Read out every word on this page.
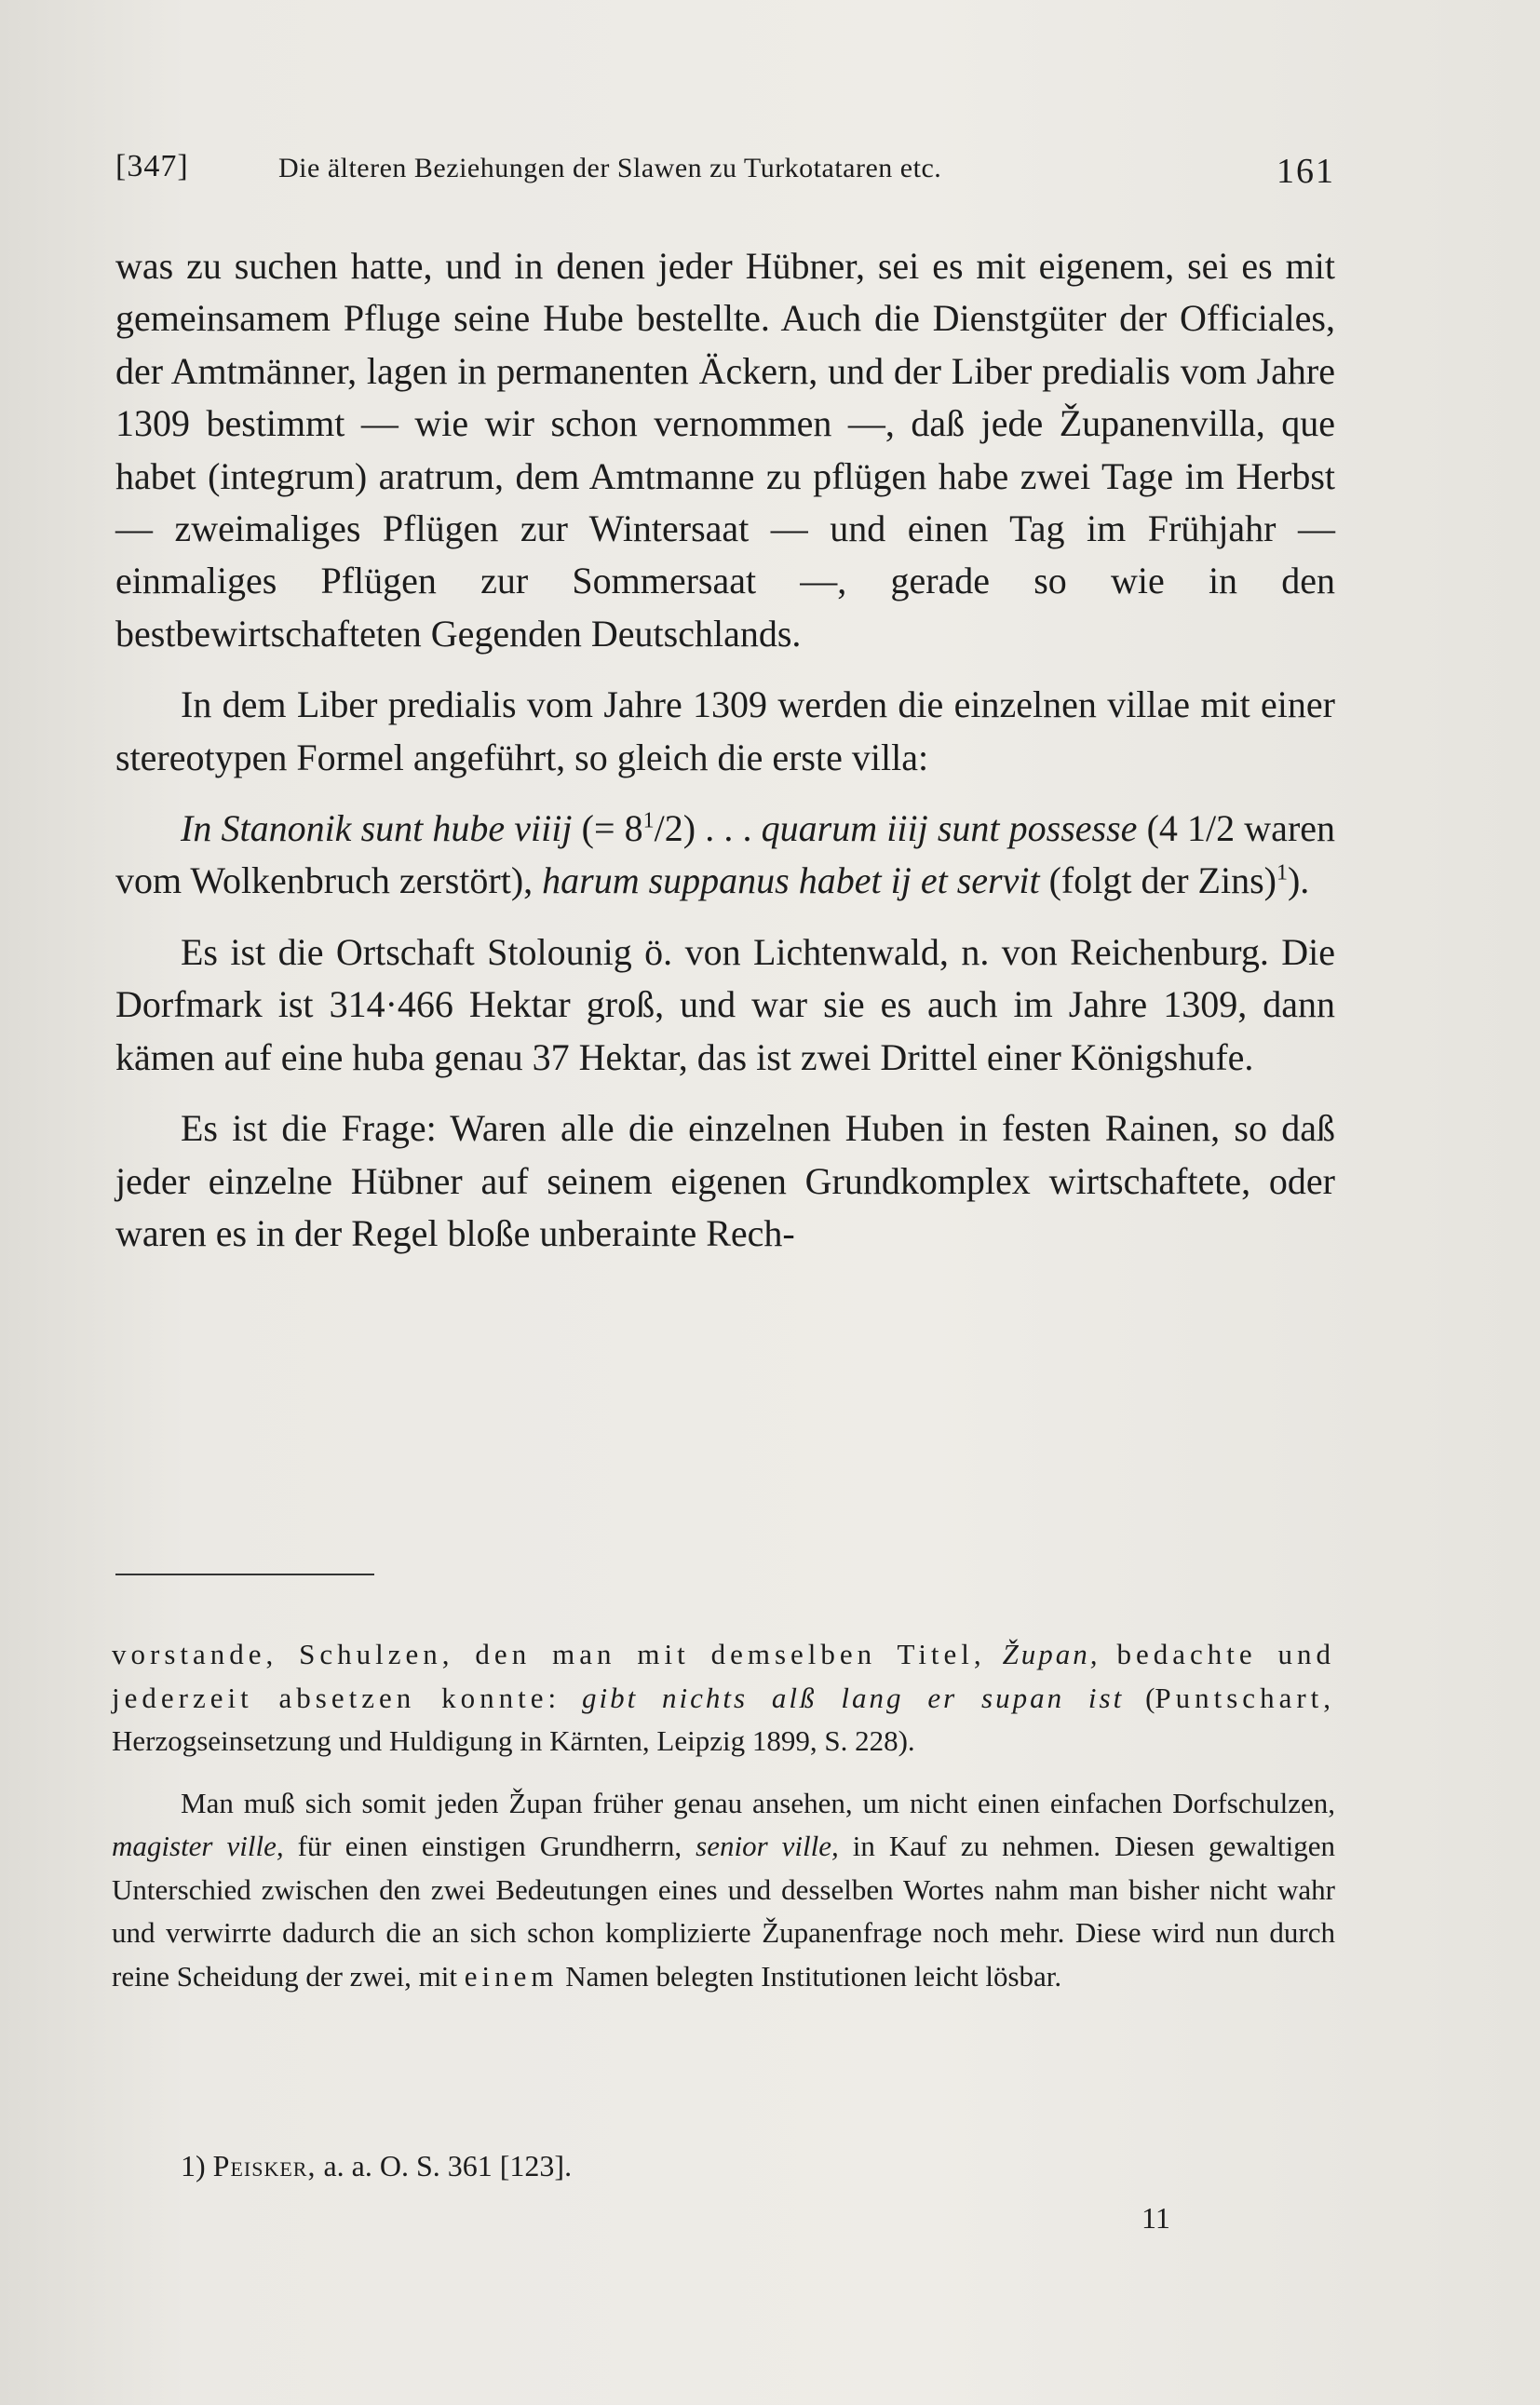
[347]	Die älteren Beziehungen der Slawen zu Turkotataren etc.	161

was zu suchen hatte, und in denen jeder Hübner, sei es mit eigenem, sei es mit gemeinsamem Pfluge seine Hube bestellte. Auch die Dienstgüter der Officiales, der Amtmänner, lagen in permanenten Äckern, und der Liber predialis vom Jahre 1309 bestimmt — wie wir schon vernommen —, daß jede Županenvilla, que habet (integrum) aratrum, dem Amtmanne zu pflügen habe zwei Tage im Herbst — zweimaliges Pflügen zur Wintersaat — und einen Tag im Frühjahr — einmaliges Pflügen zur Sommersaat —, gerade so wie in den bestbewirtschafteten Gegenden Deutschlands.

In dem Liber predialis vom Jahre 1309 werden die einzelnen villae mit einer stereotypen Formel angeführt, so gleich die erste villa:

In Stanonik sunt hube viiij (= $8^1/2$) . . . quarum iiij sunt possesse (4 1/2 waren vom Wolkenbruch zerstört), harum suppanus habet ij et servit (folgt der Zins)$^1$).

Es ist die Ortschaft Stolounig ö. von Lichtenwald, n. von Reichenburg. Die Dorfmark ist 314·466 Hektar groß, und war sie es auch im Jahre 1309, dann kämen auf eine huba genau 37 Hektar, das ist zwei Drittel einer Königshufe.

Es ist die Frage: Waren alle die einzelnen Huben in festen Rainen, so daß jeder einzelne Hübner auf seinem eigenen Grundkomplex wirtschaftete, oder waren es in der Regel bloße unberainte Rech-

vorstande, Schulzen, den man mit demselben Titel, Župan, bedachte und jederzeit absetzen konnte: gibt nichts alß lang er supan ist (Puntschart, Herzogseinsetzung und Huldigung in Kärnten, Leipzig 1899, S. 228).

Man muß sich somit jeden Župan früher genau ansehen, um nicht einen einfachen Dorfschulzen, magister ville, für einen einstigen Grundherrn, senior ville, in Kauf zu nehmen. Diesen gewaltigen Unterschied zwischen den zwei Bedeutungen eines und desselben Wortes nahm man bisher nicht wahr und verwirrte dadurch die an sich schon komplizierte Županenfrage noch mehr. Diese wird nun durch reine Scheidung der zwei, mit einem Namen belegten Institutionen leicht lösbar.

1) Peisker, a. a. O. S. 361 [123].
11
